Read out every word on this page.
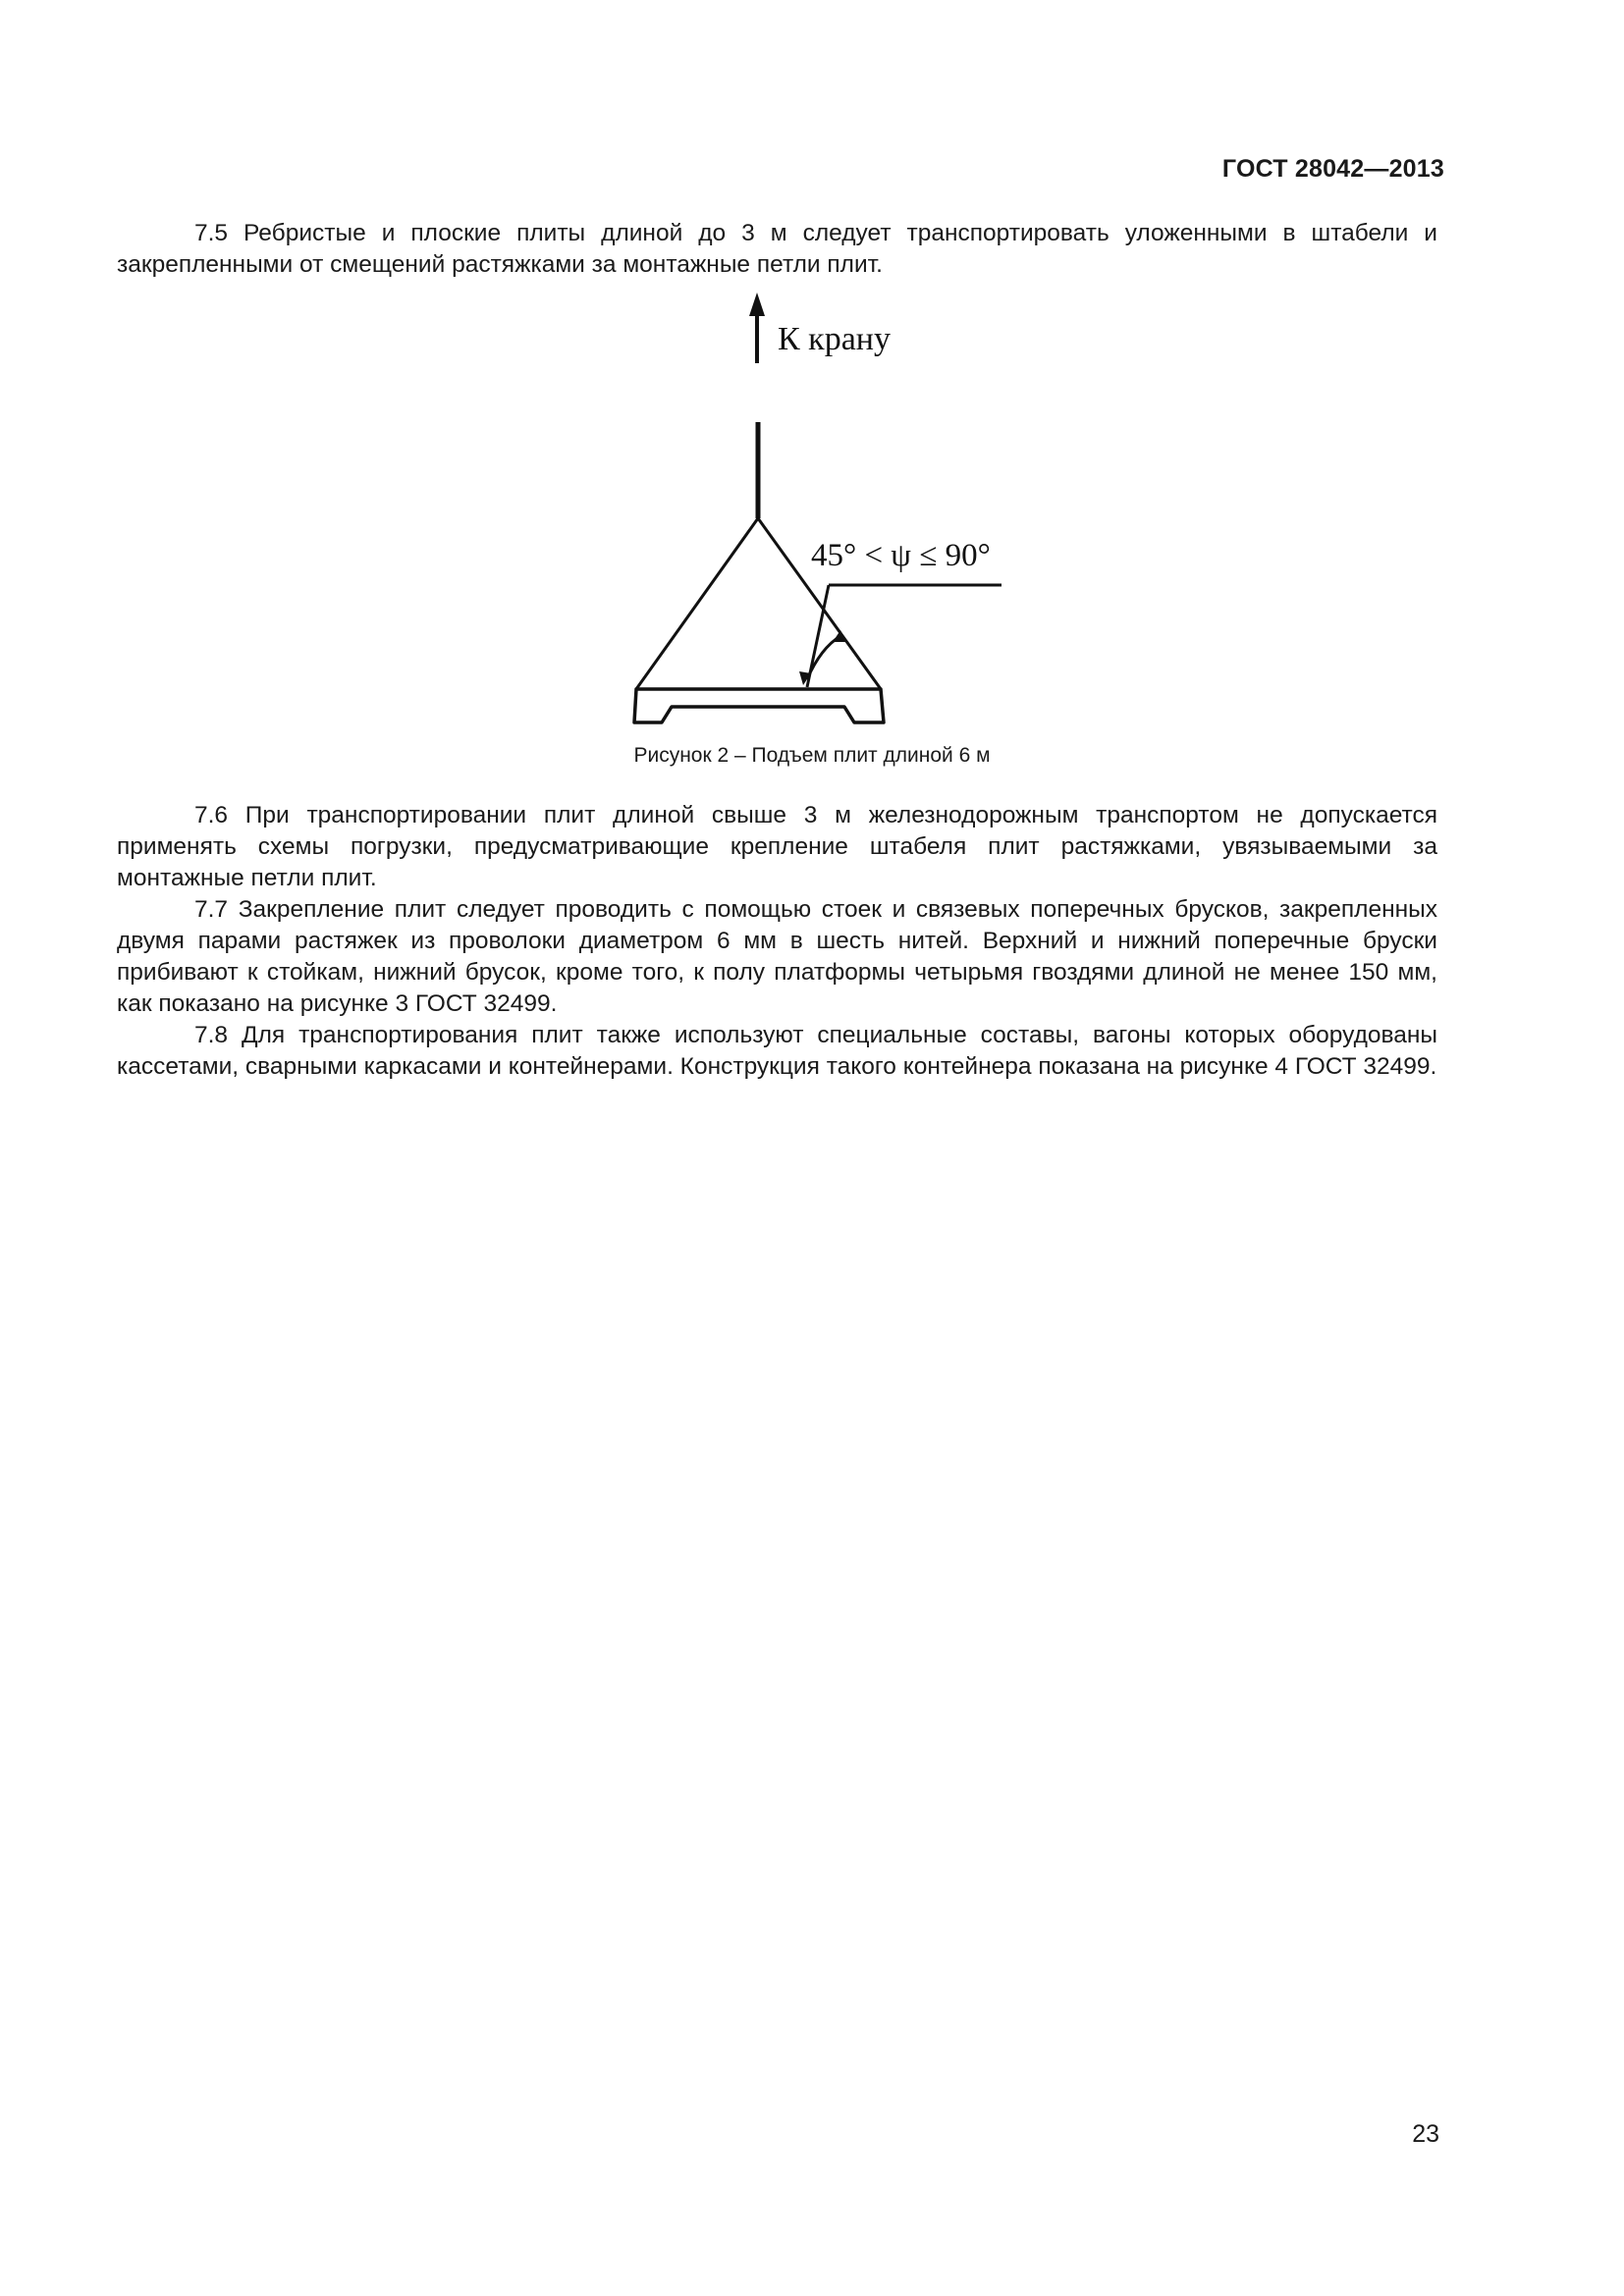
ГОСТ 28042—2013

7.5 Ребристые и плоские плиты длиной до 3 м следует транспортировать уложенными в штабели и закрепленными от смещений растяжками за монтажные петли плит.

К крану
45° < ψ ≤ 90°
Рисунок 2 – Подъем плит длиной 6 м

7.6 При транспортировании плит длиной свыше 3 м железнодорожным транспортом не допускается применять схемы погрузки, предусматривающие крепление штабеля плит растяжками, увязываемыми за монтажные петли плит.

7.7 Закрепление плит следует проводить с помощью стоек и связевых поперечных брусков, закрепленных двумя парами растяжек из проволоки диаметром 6 мм в шесть нитей. Верхний и нижний поперечные бруски прибивают к стойкам, нижний брусок, кроме того, к полу платформы четырьмя гвоздями длиной не менее 150 мм, как показано на рисунке 3 ГОСТ 32499.

7.8 Для транспортирования плит также используют специальные составы, вагоны которых оборудованы кассетами, сварными каркасами и контейнерами. Конструкция такого контейнера показана на рисунке 4 ГОСТ 32499.

23
